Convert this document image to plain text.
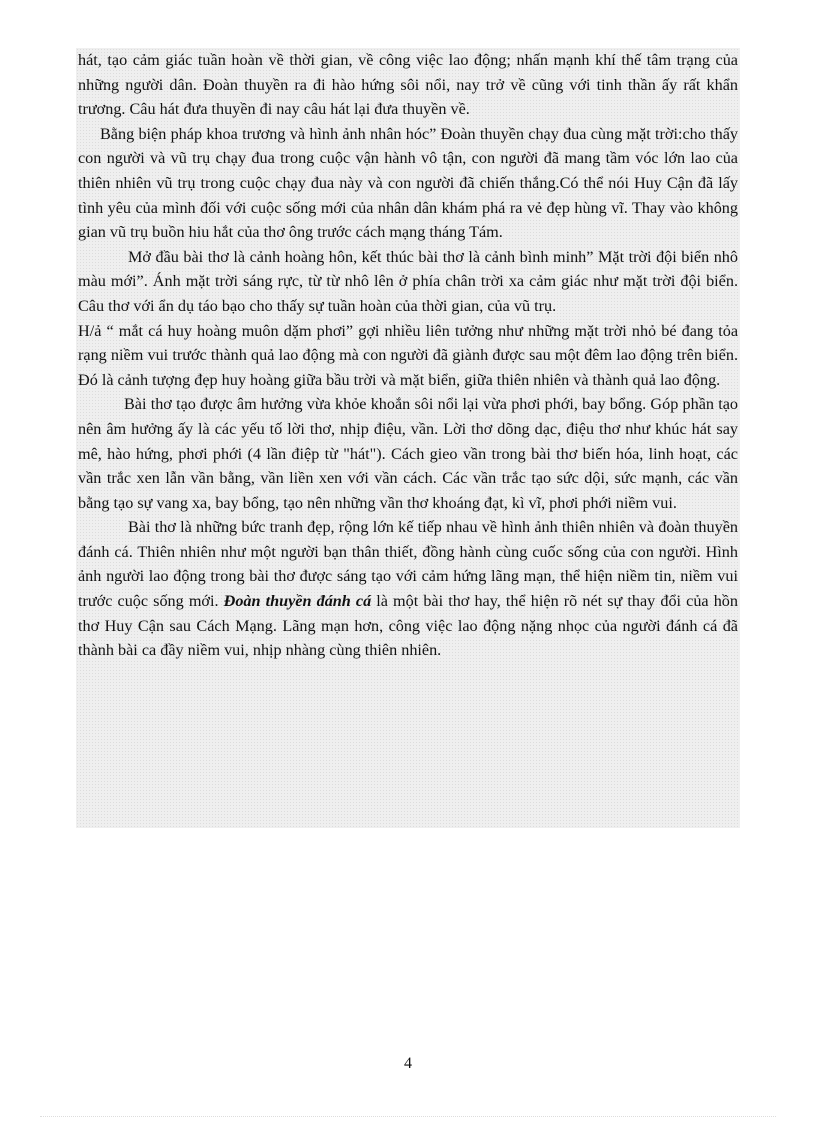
hát, tạo cảm giác tuần hoàn về thời gian, về công việc lao động; nhấn mạnh khí thế tâm trạng của những người dân. Đoàn thuyền ra đi hào hứng sôi nổi, nay trở về cũng với tinh thần ấy rất khẩn trương. Câu hát đưa thuyền đi nay câu hát lại đưa thuyền về.

Bằng biện pháp khoa trương và hình ảnh nhân hóc” Đoàn thuyền chạy đua cùng mặt trời:cho thấy con người và vũ trụ chạy đua trong cuộc vận hành vô tận, con người đã mang tầm vóc lớn lao của thiên nhiên vũ trụ trong cuộc chạy đua này và con người đã chiến thắng.Có thể nói Huy Cận đã lấy tình yêu của mình đối với cuộc sống mới của nhân dân khám phá ra vẻ đẹp hùng vĩ. Thay vào không gian vũ trụ buồn hiu hắt của thơ ông trước cách mạng tháng Tám.

Mở đầu bài thơ là cảnh hoàng hôn, kết thúc bài thơ là cảnh bình minh” Mặt trời đội biển nhô màu mới”. Ánh mặt trời sáng rực, từ từ nhô lên ở phía chân trời xa cảm giác như mặt trời đội biển. Câu thơ với ẩn dụ táo bạo cho thấy sự tuần hoàn của thời gian, của vũ trụ.

H/ả “ mắt cá huy hoàng muôn dặm phơi” gợi nhiều liên tưởng như những mặt trời nhỏ bé đang tỏa rạng niềm vui trước thành quả lao động mà con người đã giành được sau một đêm lao động trên biển. Đó là cảnh tượng đẹp huy hoàng giữa bầu trời và mặt biển, giữa thiên nhiên và thành quả lao động.

Bài thơ tạo được âm hưởng vừa khỏe khoắn sôi nổi lại vừa phơi phới, bay bổng. Góp phần tạo nên âm hưởng ấy là các yếu tố lời thơ, nhịp điệu, vần. Lời thơ dõng dạc, điệu thơ như khúc hát say mê, hào hứng, phơi phới (4 lần điệp từ "hát"). Cách gieo vần trong bài thơ biến hóa, linh hoạt, các vần trắc xen lẫn vần bằng, vần liền xen với vần cách. Các vần trắc tạo sức dội, sức mạnh, các vần bằng tạo sự vang xa, bay bổng, tạo nên những vần thơ khoáng đạt, kì vĩ, phơi phới niềm vui.

Bài thơ là những bức tranh đẹp, rộng lớn kế tiếp nhau về hình ảnh thiên nhiên và đoàn thuyền đánh cá. Thiên nhiên như một người bạn thân thiết, đồng hành cùng cuốc sống của con người. Hình ảnh người lao động trong bài thơ được sáng tạo với cảm hứng lãng mạn, thể hiện niềm tin, niềm vui trước cuộc sống mới. Đoàn thuyền đánh cá là một bài thơ hay, thể hiện rõ nét sự thay đổi của hồn thơ Huy Cận sau Cách Mạng. Lãng mạn hơn, công việc lao động nặng nhọc của người đánh cá đã thành bài ca đầy niềm vui, nhịp nhàng cùng thiên nhiên.

4
